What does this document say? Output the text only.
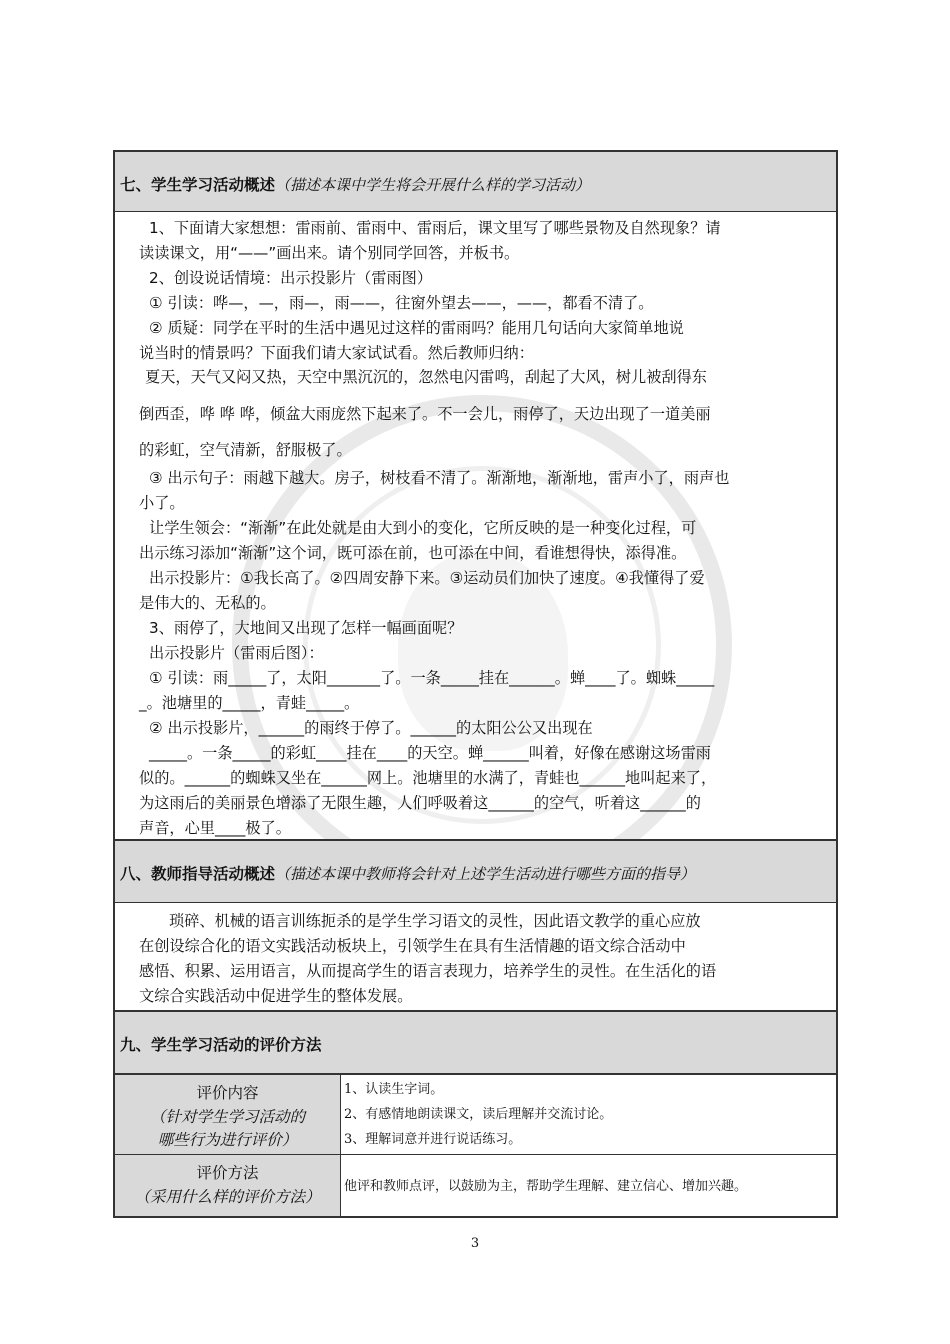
七、学生学习活动概述（描述本课中学生将会开展什么样的学习活动）
1、下面请大家想想：雷雨前、雷雨中、雷雨后，课文里写了哪些景物及自然现象？请
读读课文，用“——”画出来。请个别同学回答，并板书。
2、创设说话情境：出示投影片（雷雨图）
① 引读：哗—，—，雨—，雨——，往窗外望去——，——，都看不清了。
② 质疑：同学在平时的生活中遇见过这样的雷雨吗？能用几句话向大家简单地说
说当时的情景吗？下面我们请大家试试看。然后教师归纳：
夏天，天气又闷又热，天空中黑沉沉的，忽然电闪雷鸣，刮起了大风，树儿被刮得东
倒西歪，哗 哗 哗，倾盆大雨庞然下起来了。不一会儿，雨停了，天边出现了一道美丽
的彩虹，空气清新，舒服极了。
③ 出示句子：雨越下越大。房子，树枝看不清了。渐渐地，渐渐地，雷声小了，雨声也
小了。
让学生领会：“渐渐”在此处就是由大到小的变化，它所反映的是一种变化过程，可
出示练习添加“渐渐”这个词，既可添在前，也可添在中间，看谁想得快，添得准。
出示投影片：①我长高了。②四周安静下来。③运动员们加快了速度。④我懂得了爱
是伟大的、无私的。
3、雨停了，大地间又出现了怎样一幅画面呢？
出示投影片（雷雨后图）：
① 引读：雨_____了，太阳_______了。一条_____挂在______。蝉____了。蜘蛛_____
_。池塘里的_____，青蛙_____。
② 出示投影片，______的雨终于停了。______的太阳公公又出现在
_____。一条_____的彩虹____挂在____的天空。蝉______叫着，好像在感谢这场雷雨
似的。______的蜘蛛又坐在______网上。池塘里的水满了，青蛙也______地叫起来了，
为这雨后的美丽景色增添了无限生趣，人们呼吸着这______的空气，听着这______的
声音，心里____极了。
八、教师指导活动概述（描述本课中教师将会针对上述学生活动进行哪些方面的指导）
琐碎、机械的语言训练扼杀的是学生学习语文的灵性，因此语文教学的重心应放
在创设综合化的语文实践活动板块上，引领学生在具有生活情趣的语文综合活动中
感悟、积累、运用语言，从而提高学生的语言表现力，培养学生的灵性。在生活化的语
文综合实践活动中促进学生的整体发展。
九、学生学习活动的评价方法
评价内容
（针对学生学习活动的
哪些行为进行评价）
1、认读生字词。
2、有感情地朗读课文，读后理解并交流讨论。
3、理解词意并进行说话练习。
评价方法
（采用什么样的评价方法）
他评和教师点评，以鼓励为主，帮助学生理解、建立信心、增加兴趣。
3
